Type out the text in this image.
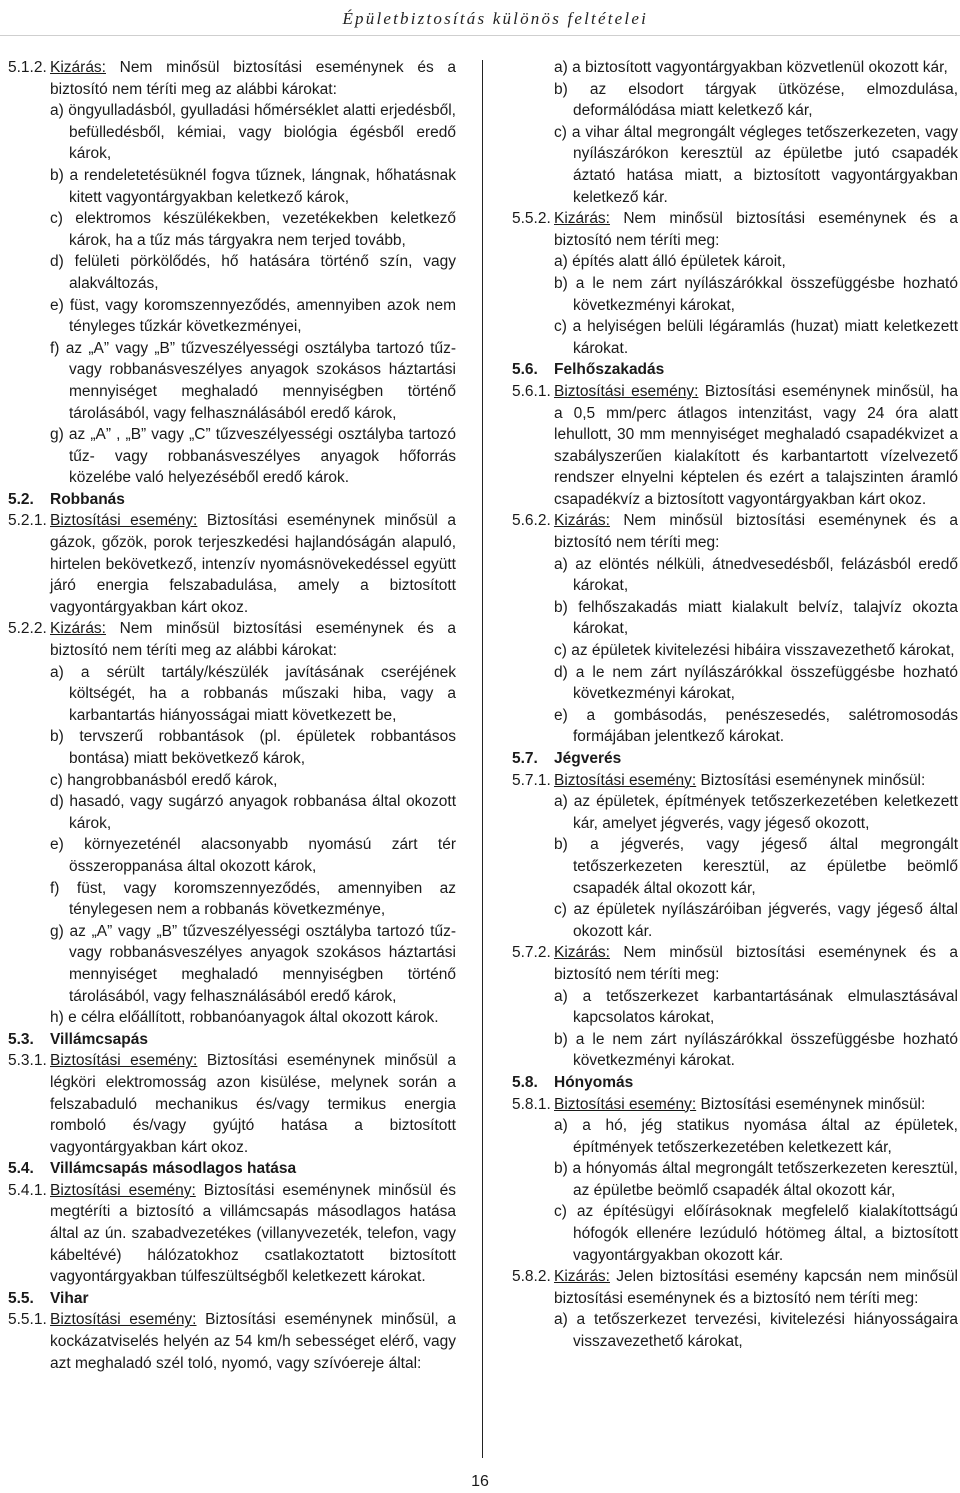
Épületbiztosítás különös feltételei
5.1.2. Kizárás: Nem minősül biztosítási eseménynek és a biztosító nem téríti meg az alábbi károkat:
a) öngyulladásból, gyulladási hőmérséklet alatti erjedésből, befülledésből, kémiai, vagy biológia égésből eredő károk,
b) a rendeletetésüknél fogva tűznek, lángnak, hőhatásnak kitett vagyontárgyakban keletkező károk,
c) elektromos készülékekben, vezetékekben keletkező károk, ha a tűz más tárgyakra nem terjed tovább,
d) felületi pörkölődés, hő hatására történő szín, vagy alakváltozás,
e) füst, vagy koromszennyeződés, amennyiben azok nem tényleges tűzkár következményei,
f) az „A” vagy „B” tűzveszélyességi osztályba tartozó tűz- vagy robbanásveszélyes anyagok szokásos háztartási mennyiséget meghaladó mennyiségben történő tárolásából, vagy felhasználásából eredő károk,
g) az „A” , „B” vagy „C” tűzveszélyességi osztályba tartozó tűz- vagy robbanásveszélyes anyagok hőforrás közelébe való helyezéséből eredő károk.
5.2.	Robbanás
5.2.1. Biztosítási esemény: Biztosítási eseménynek minősül a gázok, gőzök, porok terjeszkedési hajlandóságán alapuló, hirtelen bekövetkező, intenzív nyomásnövekedéssel együtt járó energia felszabadulása, amely a biztosított vagyontárgyakban kárt okoz.
5.2.2. Kizárás: Nem minősül biztosítási eseménynek és a biztosító nem téríti meg az alábbi károkat:
a) a sérült tartály/készülék javításának cseréjének költségét, ha a robbanás műszaki hiba, vagy a karbantartás hiányosságai miatt következett be,
b) tervszerű robbantások (pl. épületek robbantásos bontása) miatt bekövetkező károk,
c) hangrobbanásból eredő károk,
d) hasadó, vagy sugárzó anyagok robbanása által okozott károk,
e) környezeténél alacsonyabb nyomású zárt tér összeroppanása által okozott károk,
f) füst, vagy koromszennyeződés, amennyiben az ténylegesen nem a robbanás következménye,
g) az „A” vagy „B” tűzveszélyességi osztályba tartozó tűz- vagy robbanásveszélyes anyagok szokásos háztartási mennyiséget meghaladó mennyiségben történő tárolásából, vagy felhasználásából eredő károk,
h) e célra előállított, robbanóanyagok által okozott károk.
5.3.	Villámcsapás
5.3.1. Biztosítási esemény: Biztosítási eseménynek minősül a légköri elektromosság azon kisülése, melynek során a felszabaduló mechanikus és/vagy termikus energia romboló és/vagy gyújtó hatása a biztosított vagyontárgyakban kárt okoz.
5.4.	Villámcsapás másodlagos hatása
5.4.1. Biztosítási esemény: Biztosítási eseménynek minősül és megtéríti a biztosító a villámcsapás másodlagos hatása által az ún. szabadvezetékes (villanyvezeték, telefon, vagy kábeltévé) hálózatokhoz csatlakoztatott biztosított vagyontárgyakban túlfeszültségből keletkezett károkat.
5.5.	Vihar
5.5.1. Biztosítási esemény: Biztosítási eseménynek minősül, a kockázatviselés helyén az 54 km/h sebességet elérő, vagy azt meghaladó szél toló, nyomó, vagy szívóereje által:
a) a biztosított vagyontárgyakban közvetlenül okozott kár,
b) az elsodort tárgyak ütközése, elmozdulása, deformálódása miatt keletkező kár,
c) a vihar által megrongált végleges tetőszerkezeten, vagy nyílászárókon keresztül az épületbe jutó csapadék áztató hatása miatt, a biztosított vagyontárgyakban keletkező kár.
5.5.2. Kizárás: Nem minősül biztosítási eseménynek és a biztosító nem téríti meg:
a) építés alatt álló épületek károit,
b) a le nem zárt nyílászárókkal összefüggésbe hozható következményi károkat,
c) a helyiségen belüli légáramlás (huzat) miatt keletkezett károkat.
5.6.	Felhőszakadás
5.6.1. Biztosítási esemény: Biztosítási eseménynek minősül, ha a 0,5 mm/perc átlagos intenzitást, vagy 24 óra alatt lehullott, 30 mm mennyiséget meghaladó csapadékvizet a szabályszerűen kialakított és karbantartott vízelvezető rendszer elnyelni képtelen és ezért a talajszinten áramló csapadékvíz a biztosított vagyontárgyakban kárt okoz.
5.6.2. Kizárás: Nem minősül biztosítási eseménynek és a biztosító nem téríti meg:
a) az elöntés nélküli, átnedvesedésből, felázásból eredő károkat,
b) felhőszakadás miatt kialakult belvíz, talajvíz okozta károkat,
c) az épületek kivitelezési hibáira visszavezethető károkat,
d) a le nem zárt nyílászárókkal összefüggésbe hozható következményi károkat,
e) a gombásodás, penészesedés, salétromosodás formájában jelentkező károkat.
5.7.	Jégverés
5.7.1. Biztosítási esemény: Biztosítási eseménynek minősül:
a) az épületek, építmények tetőszerkezetében keletkezett kár, amelyet jégverés, vagy jégeső okozott,
b) a jégverés, vagy jégeső által megrongált tetőszerkezeten keresztül, az épületbe beömlő csapadék által okozott kár,
c) az épületek nyílászáróiban jégverés, vagy jégeső által okozott kár.
5.7.2. Kizárás: Nem minősül biztosítási eseménynek és a biztosító nem téríti meg:
a) a tetőszerkezet karbantartásának elmulasztásával kapcsolatos károkat,
b) a le nem zárt nyílászárókkal összefüggésbe hozható következményi károkat.
5.8.	Hónyomás
5.8.1. Biztosítási esemény: Biztosítási eseménynek minősül:
a) a hó, jég statikus nyomása által az épületek, építmények tetőszerkezetében keletkezett kár,
b) a hónyomás által megrongált tetőszerkezeten keresztül, az épületbe beömlő csapadék által okozott kár,
c) az építésügyi előírásoknak megfelelő kialakítottságú hófogók ellenére lezúduló hótömeg által, a biztosított vagyontárgyakban okozott kár.
5.8.2. Kizárás: Jelen biztosítási esemény kapcsán nem minősül biztosítási eseménynek és a biztosító nem téríti meg:
a) a tetőszerkezet tervezési, kivitelezési hiányosságaira visszavezethető károkat,
16
